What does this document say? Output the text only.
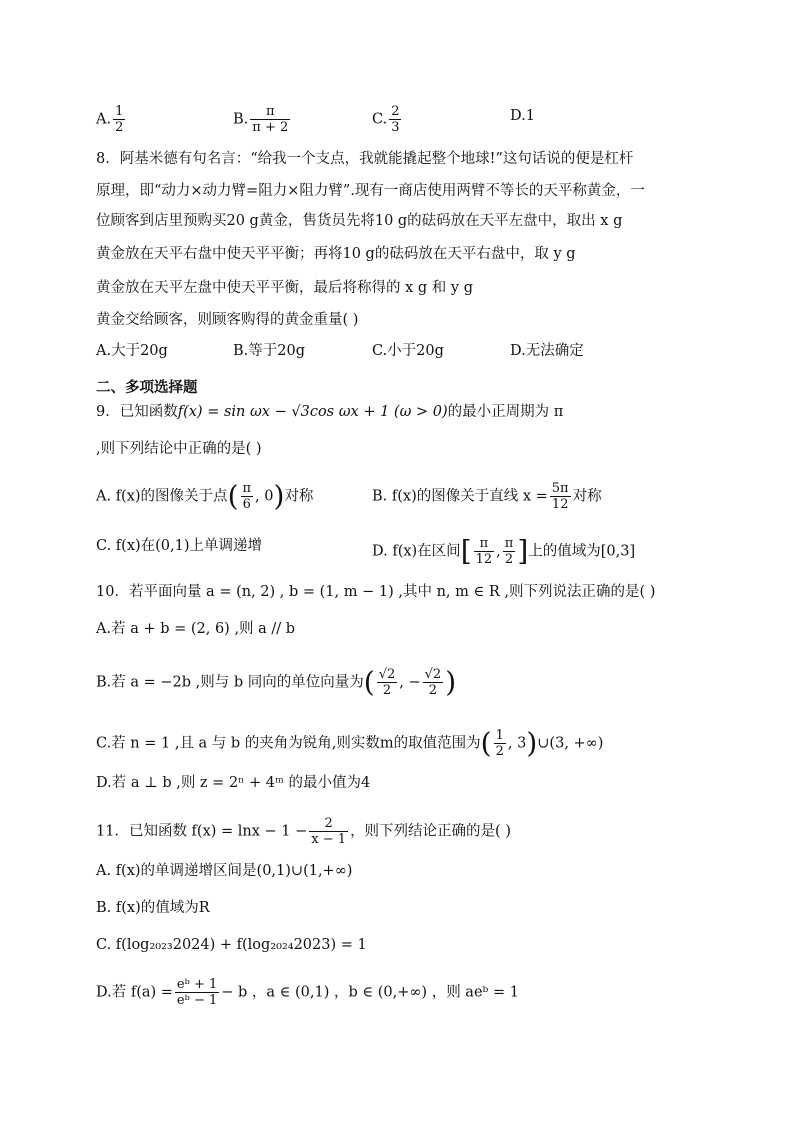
A. $\frac{1}{2}$	B. $\frac{\pi}{\pi + 2}$	C. $\frac{2}{3}$	D.1
8．阿基米德有句名言：“给我一个支点，我就能撬起整个地球!”这句话说的便是杠杆
原理，即“动力×动力臂=阻力×阻力臂”.现有一商店使用两臂不等长的天平称黄金，一
位顾客到店里预购买20 g黄金，售货员先将10 g的砝码放在天平左盘中，取出 x g
黄金放在天平右盘中使天平平衡；再将10 g的砝码放在天平右盘中，取 y g
黄金放在天平左盘中使天平平衡，最后将称得的 x g 和 y g
黄金交给顾客，则顾客购得的黄金重量( )
A.大于20g	B.等于20g	C.小于20g	D.无法确定
二、多项选择题
9．已知函数f(x) = sin ωx − √3cos ωx + 1 (ω > 0)的最小正周期为 π
,则下列结论中正确的是( )
A. f(x)的图像关于点( $\frac{\pi}{6}$ , 0)对称	B. f(x)的图像关于直线 $x = \frac{5\pi}{12}$ 对称
C. f(x)在(0,1)上单调递增	D. f(x)在区间[ $\frac{\pi}{12}$ , $\frac{\pi}{2}$ ]上的值域为[0,3]
10．若平面向量 a = (n, 2) , b = (1, m − 1) ,其中 n, m ∈ R ,则下列说法正确的是( )
A.若 a + b = (2, 6) ,则 a // b
B.若 a = −2b ,则与 b 同向的单位向量为( $\frac{√2}{2}$ , − $\frac{√2}{2}$ )
C.若 n = 1 ,且 a 与 b 的夹角为锐角,则实数m的取值范围为( $\frac{1}{2}$ , 3)∪(3, +∞)
D.若 a ⊥ b ,则 z = 2ⁿ + 4ᵐ 的最小值为4
11．已知函数 $f(x) = \ln x - 1 - \frac{2}{x - 1}$ ，则下列结论正确的是( )
A. f(x)的单调递增区间是(0,1)∪(1,+∞)
B. f(x)的值域为R
C. f(log₂₀₂₃2024) + f(log₂₀₂₄2023) = 1
D.若 $f(a) = \frac{\text{eᵇ + 1}}{\text{eᵇ − 1}} - b$ ，a ∈ (0,1) ，b ∈ (0,+∞) ，则 aeᵇ = 1
